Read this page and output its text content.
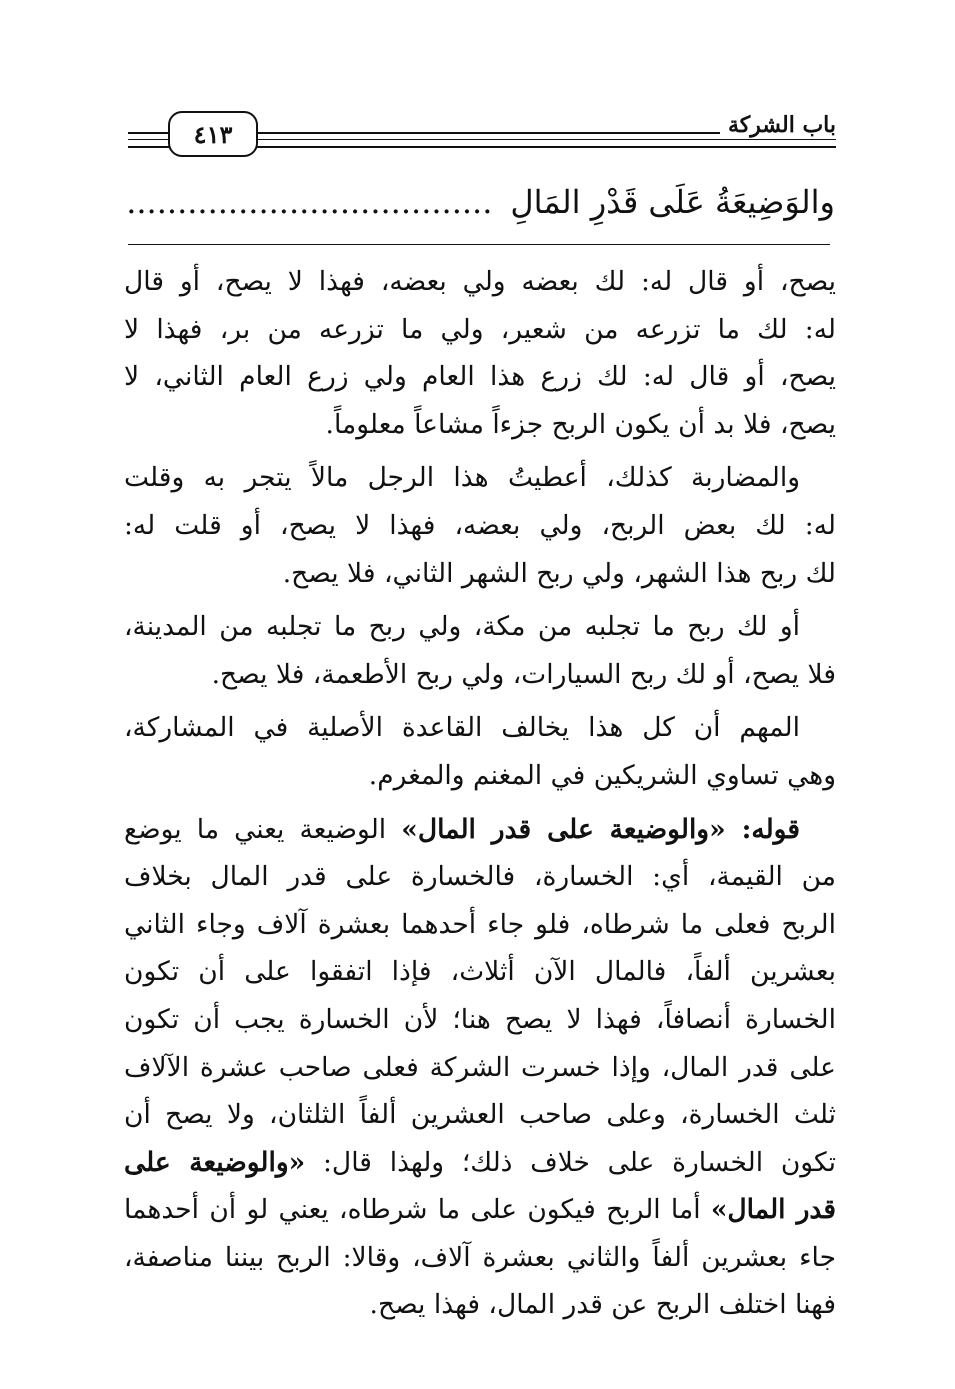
٤١٣	باب الشركة
والوَضِيعَةُ عَلَى قَدْرِ المَالِ....................................
يصح، أو قال له: لك بعضه ولي بعضه، فهذا لا يصح، أو قال
له: لك ما تزرعه من شعير، ولي ما تزرعه من بر، فهذا لا
يصح، أو قال له: لك زرع هذا العام ولي زرع العام الثاني، لا
يصح، فلا بد أن يكون الربح جزءاً مشاعاً معلوماً.
والمضاربة كذلك، أعطيتُ هذا الرجل مالاً يتجر به وقلت
له: لك بعض الربح، ولي بعضه، فهذا لا يصح، أو قلت له:
لك ربح هذا الشهر، ولي ربح الشهر الثاني، فلا يصح.
أو لك ربح ما تجلبه من مكة، ولي ربح ما تجلبه من المدينة،
فلا يصح، أو لك ربح السيارات، ولي ربح الأطعمة، فلا يصح.
المهم أن كل هذا يخالف القاعدة الأصلية في المشاركة،
وهي تساوي الشريكين في المغنم والمغرم.
قوله: «والوضيعة على قدر المال» الوضيعة يعني ما يوضع
من القيمة، أي: الخسارة، فالخسارة على قدر المال بخلاف
الربح فعلى ما شرطاه، فلو جاء أحدهما بعشرة آلاف وجاء الثاني
بعشرين ألفاً، فالمال الآن أثلاث، فإذا اتفقوا على أن تكون
الخسارة أنصافاً، فهذا لا يصح هنا؛ لأن الخسارة يجب أن تكون
على قدر المال، وإذا خسرت الشركة فعلى صاحب عشرة الآلاف
ثلث الخسارة، وعلى صاحب العشرين ألفاً الثلثان، ولا يصح أن
تكون الخسارة على خلاف ذلك؛ ولهذا قال: «والوضيعة على
قدر المال» أما الربح فيكون على ما شرطاه، يعني لو أن أحدهما
جاء بعشرين ألفاً والثاني بعشرة آلاف، وقالا: الربح بيننا مناصفة،
فهنا اختلف الربح عن قدر المال، فهذا يصح.
